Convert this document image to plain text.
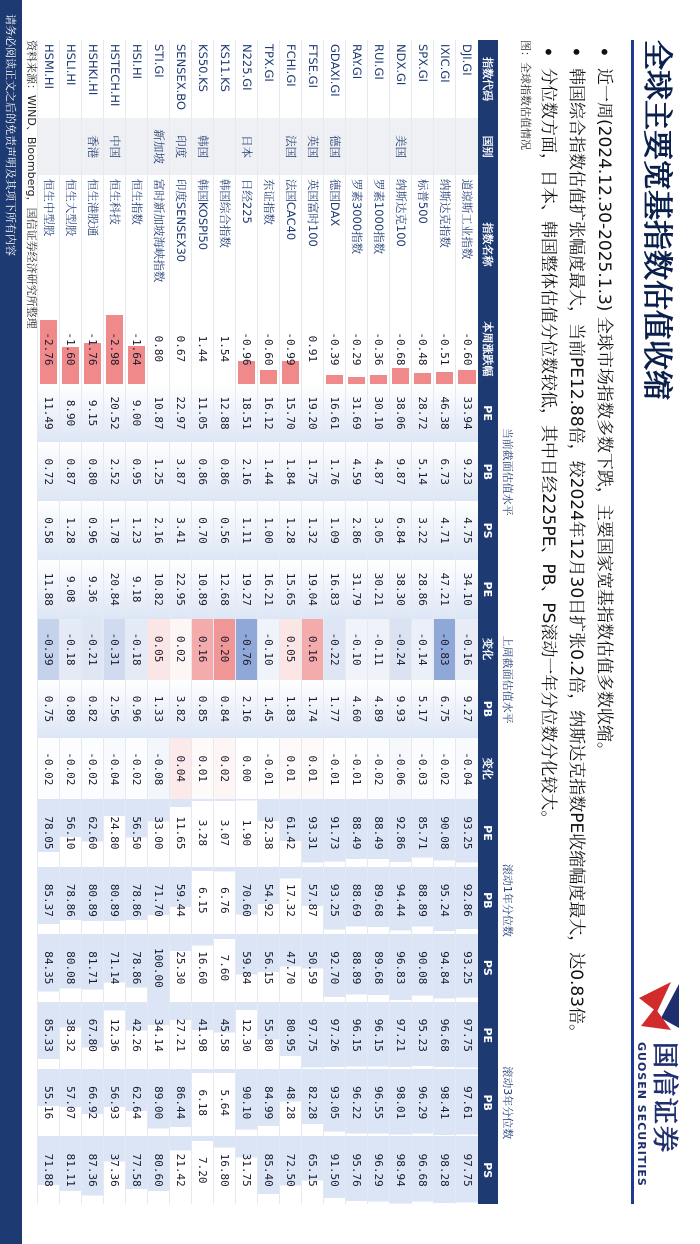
全球主要宽基指数估值收缩
国信证券
GUOSEN SECURITIES
•
近一周(2024.12.30-2025.1.3) 全球市场指数多数下跌，主要国家宽基指数估值多数收缩。
•
韩国综合指数估值扩张幅度最大，当前PE12.88倍，较2024年12月30日扩张0.2倍，纳斯达克指数PE收缩幅度最大，达0.83倍。
•
分位数方面，日本、韩国整体估值分位数较低，其中日经225PE、PB、PS滚动一年分位数分化较大。
图：全球指数估值情况
				当前截面估值水平			上周截面估值水平				滚动1年分位数			滚动3年分位数		
指数代码	国别	指数名称	本周涨跌幅	PE	PB	PS	PE	变化	PB	变化	PE	PB	PS	PE	PB	PS
DJI.GI		道琼斯工业指数	-0.60	33.94	9.23	4.75	34.10	-0.16	9.27	-0.04	93.25	92.86	93.25	97.75	97.61	97.75
IXIC.GI		纳斯达克指数	-0.51	46.38	6.73	4.71	47.21	-0.83	6.75	-0.02	90.08	95.24	94.84	96.68	98.41	98.28
SPX.GI		标普500	-0.48	28.72	5.14	3.22	28.86	-0.14	5.17	-0.03	85.71	88.89	90.08	95.23	96.29	96.68
NDX.GI	美国	纳斯达克100	-0.68	38.06	9.87	6.84	38.30	-0.24	9.93	-0.06	92.86	94.44	96.83	97.21	98.01	98.94
RUI.GI		罗素1000指数	-0.36	30.10	4.87	3.05	30.21	-0.11	4.89	-0.02	88.49	89.68	89.68	96.15	96.55	96.29
RAY.GI		罗素3000指数	-0.29	31.69	4.59	2.86	31.79	-0.10	4.60	-0.01	88.49	88.69	88.89	96.15	96.22	95.76
GDAXI.GI	德国	德国DAX	-0.39	16.61	1.76	1.09	16.83	-0.22	1.77	-0.01	91.73	93.25	92.70	97.26	93.05	91.50
FTSE.GI	英国	英国富时100	0.91	19.20	1.75	1.32	19.04	0.16	1.74	0.01	93.31	57.87	50.59	97.75	82.28	65.15
FCHI.GI	法国	法国CAC40	-0.99	15.70	1.84	1.28	15.65	0.05	1.83	0.01	61.42	17.32	47.70	80.95	48.28	72.50
TPX.GI		东证指数	-0.60	16.12	1.44	1.00	16.21	-0.10	1.45	-0.01	32.38	54.92	56.15	55.80	84.99	85.40
N225.GI	日本	日经225	-0.96	18.51	2.16	1.11	19.27	-0.76	2.16	0.00	1.90	70.60	59.84	12.30	90.10	31.75
KS11.KS		韩国综合指数	1.54	12.88	0.86	0.56	12.68	0.20	0.84	0.02	3.07	6.76	7.60	45.58	5.64	16.80
KS50.KS	韩国	韩国KOSPI50	1.44	11.05	0.86	0.70	10.89	0.16	0.85	0.01	3.28	6.15	16.60	41.98	6.18	7.20
SENSEX.BO	印度	印度SENSEX30	0.67	22.97	3.87	3.41	22.95	0.02	3.82	0.04	11.65	59.44	25.30	27.21	86.44	21.42
STI.GI	新加坡	富时新加坡海峡指数	0.80	10.87	1.25	2.16	10.82	0.05	1.33	-0.08	33.00	71.70	100.00	34.14	89.00	80.60
HSI.HI		恒生指数	-1.64	9.00	0.95	1.23	9.18	-0.18	0.96	-0.02	56.50	78.86	78.86	42.26	62.64	77.58
HSTECH.HI	中国	恒生科技	-2.98	20.52	2.52	1.78	20.84	-0.31	2.56	-0.04	24.80	80.89	71.14	12.36	56.93	37.36
HSHKI.HI	香港	恒生港股通	-1.76	9.15	0.80	0.96	9.36	-0.21	0.82	-0.02	62.60	80.89	81.71	67.80	66.92	87.36
HSLI.HI		恒生大型股	-1.60	8.90	0.87	1.28	9.08	-0.18	0.89	-0.02	56.10	78.86	80.08	38.32	57.07	81.11
HSMI.HI		恒生中型股	-2.76	11.49	0.72	0.58	11.88	-0.39	0.75	-0.02	78.05	85.37	84.35	85.33	55.16	71.88
资料来源：WIND、Bloomberg，国信证券经济研究所整理
请务必阅读正文之后的免责声明及其项下所有内容
